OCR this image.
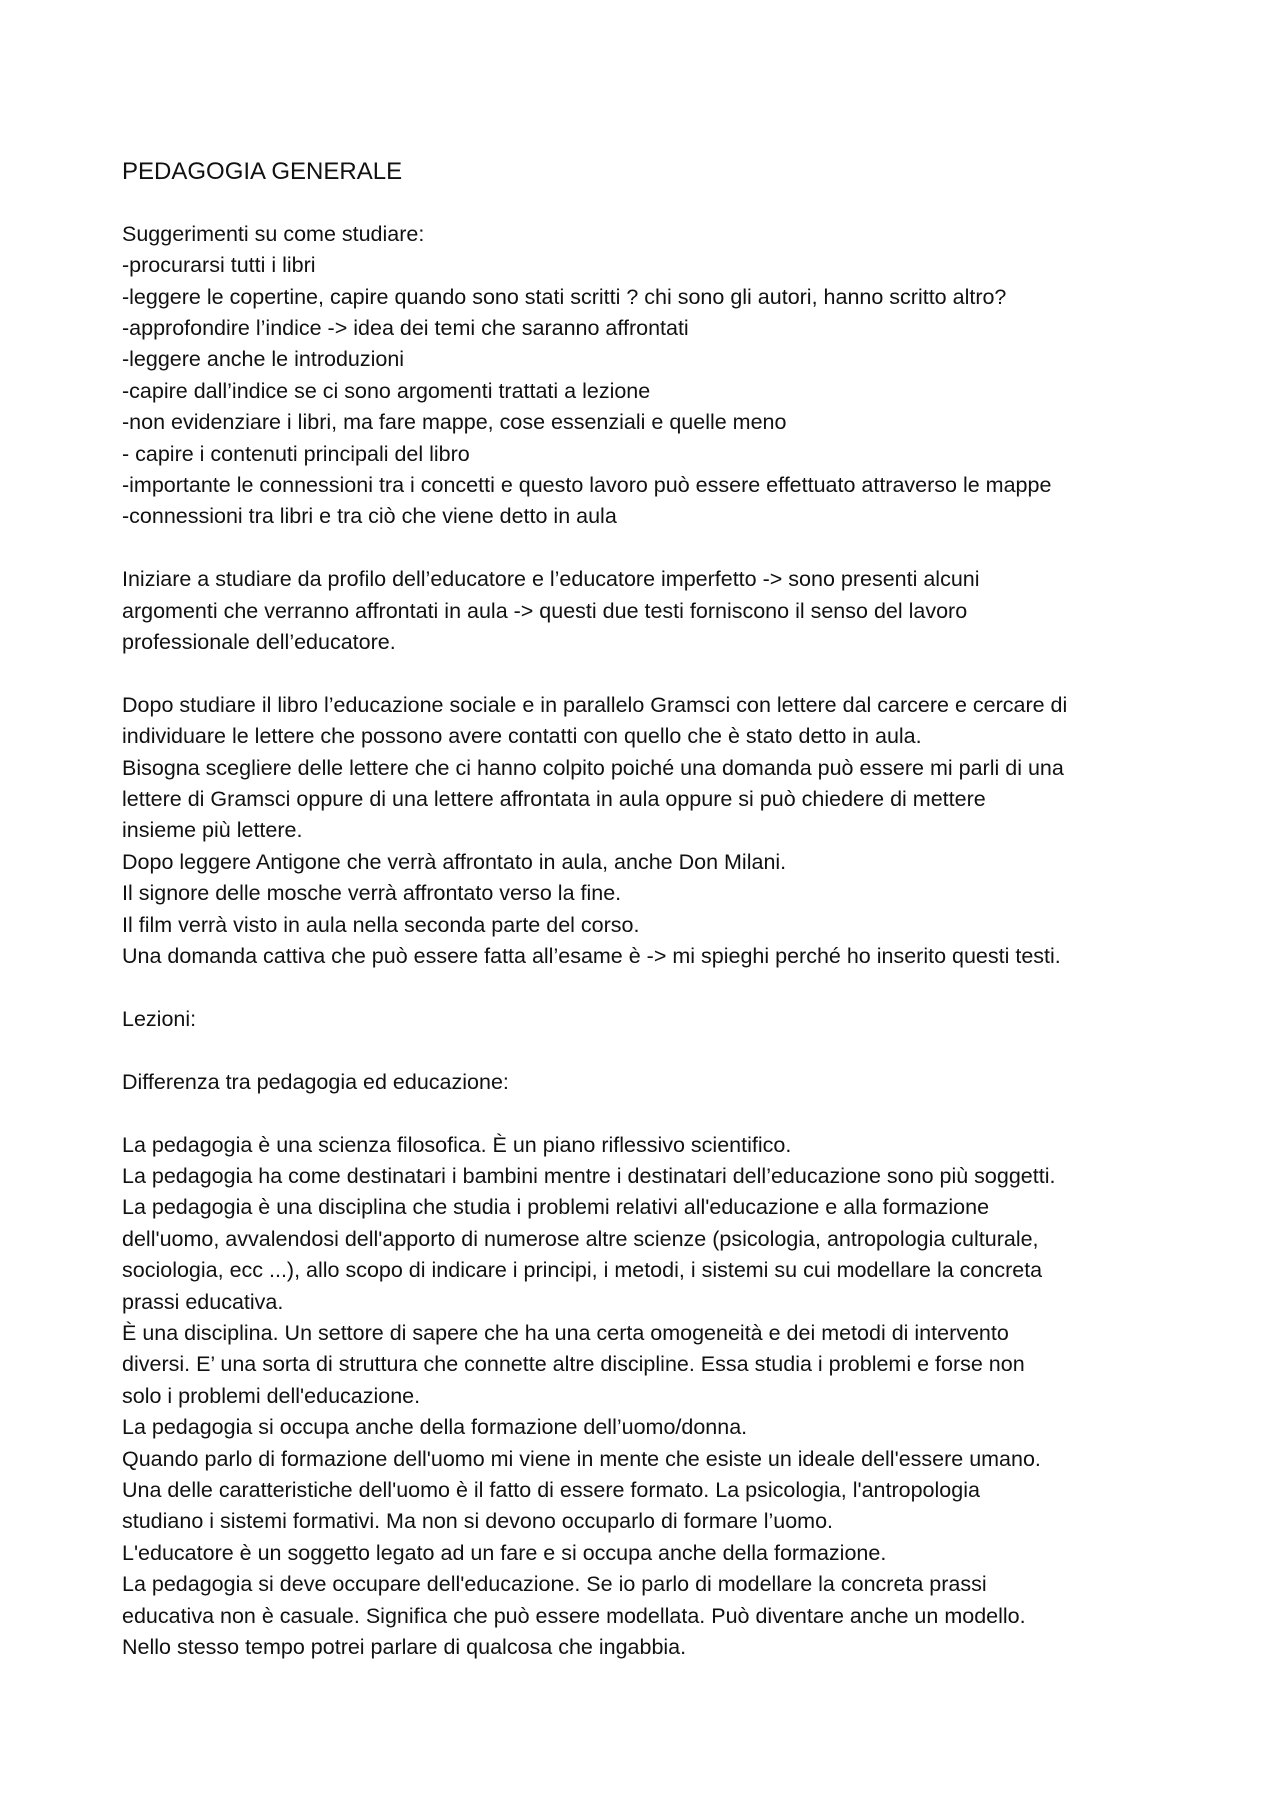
PEDAGOGIA GENERALE
Suggerimenti su come studiare:
-procurarsi tutti i libri
-leggere le copertine, capire quando sono stati scritti ? chi sono gli autori, hanno scritto altro?
-approfondire l’indice -> idea dei temi che saranno affrontati
-leggere anche le introduzioni
-capire dall’indice se ci sono argomenti trattati a lezione
-non evidenziare i libri, ma fare mappe, cose essenziali e quelle meno
- capire i contenuti principali del libro
-importante le connessioni tra i concetti e questo lavoro può essere effettuato attraverso le mappe
-connessioni tra libri e tra ciò che viene detto in aula
Iniziare a studiare da profilo dell’educatore e l’educatore imperfetto -> sono presenti alcuni
argomenti che verranno affrontati in aula -> questi due testi forniscono il senso del lavoro
professionale dell’educatore.
Dopo studiare il libro l’educazione sociale e in parallelo Gramsci con lettere dal carcere e cercare di
individuare le lettere che possono avere contatti con quello che è stato detto in aula.
Bisogna scegliere delle lettere che ci hanno colpito poiché una domanda può essere mi parli di una
lettere di Gramsci oppure di una lettere affrontata in aula oppure si può chiedere di mettere
insieme più lettere.
Dopo leggere Antigone che verrà affrontato in aula, anche Don Milani.
Il signore delle mosche verrà affrontato verso la fine.
Il film verrà visto in aula nella seconda parte del corso.
Una domanda cattiva che può essere fatta all’esame è -> mi spieghi perché ho inserito questi testi.
Lezioni:
Differenza tra pedagogia ed educazione:
La pedagogia è una scienza filosofica. È un piano riflessivo scientifico.
La pedagogia ha come destinatari i bambini mentre i destinatari dell’educazione sono più soggetti.
La pedagogia è una disciplina che studia i problemi relativi all'educazione e alla formazione
dell'uomo, avvalendosi dell'apporto di numerose altre scienze (psicologia, antropologia culturale,
sociologia, ecc ...), allo scopo di indicare i principi, i metodi, i sistemi su cui modellare la concreta
prassi educativa.
È una disciplina. Un settore di sapere che ha una certa omogeneità e dei metodi di intervento
diversi. E’ una sorta di struttura che connette altre discipline. Essa studia i problemi e forse non
solo i problemi dell'educazione.
La pedagogia si occupa anche della formazione dell’uomo/donna.
Quando parlo di formazione dell'uomo mi viene in mente che esiste un ideale dell'essere umano.
Una delle caratteristiche dell'uomo è il fatto di essere formato. La psicologia, l'antropologia
studiano i sistemi formativi. Ma non si devono occuparlo di formare l’uomo.
L'educatore è un soggetto legato ad un fare e si occupa anche della formazione.
La pedagogia si deve occupare dell'educazione. Se io parlo di modellare la concreta prassi
educativa non è casuale. Significa che può essere modellata. Può diventare anche un modello.
Nello stesso tempo potrei parlare di qualcosa che ingabbia.
